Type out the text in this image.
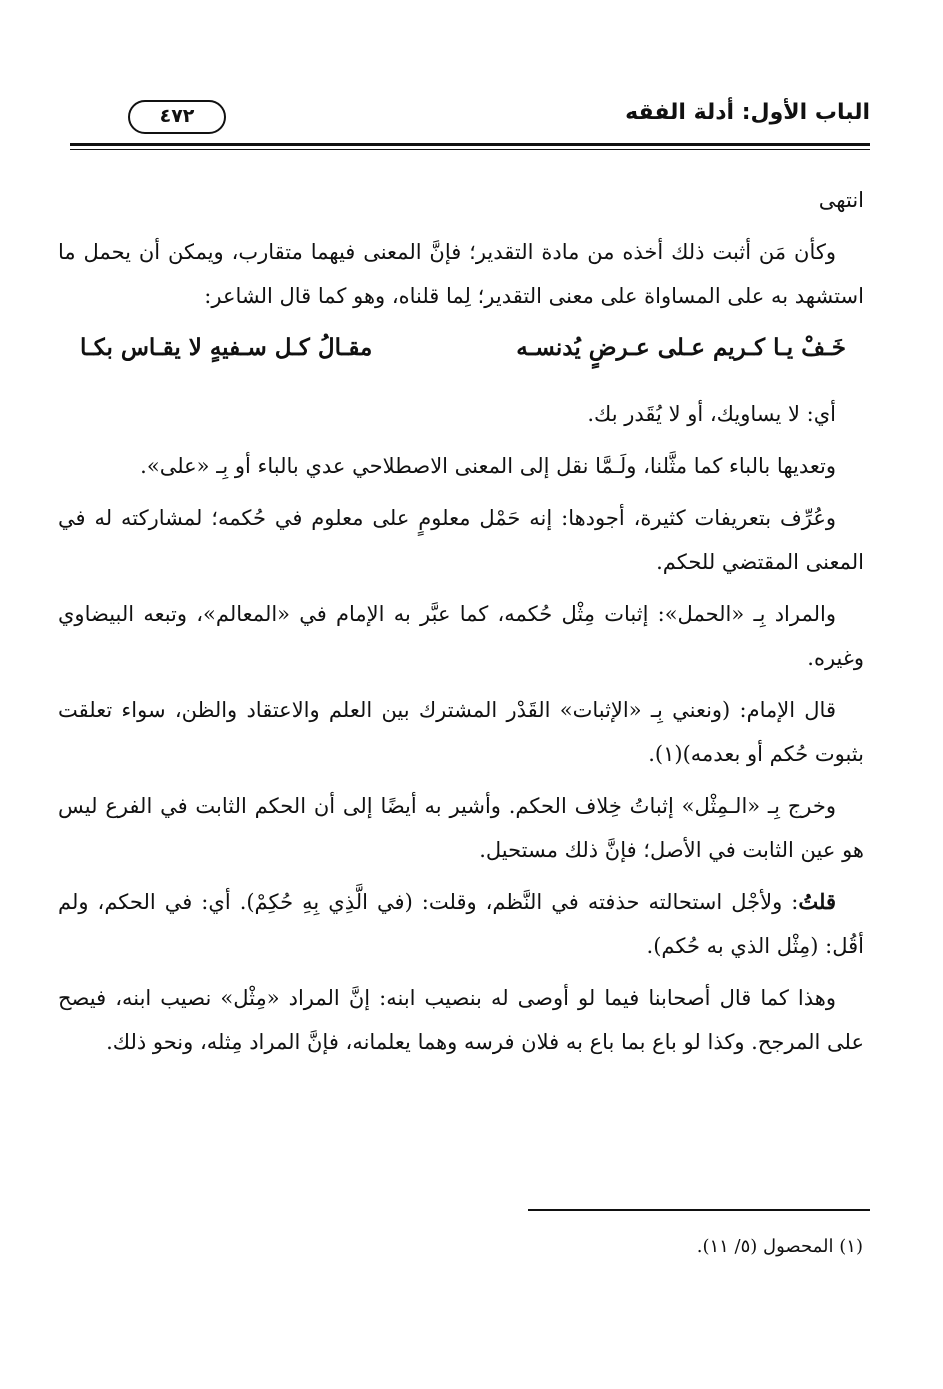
الباب الأول: أدلة الفقه
٤٧٢

انتهى

وكأن مَن أثبت ذلك أخذه من مادة التقدير؛ فإنَّ المعنى فيهما متقارب، ويمكن أن يحمل ما استشهد به على المساواة على معنى التقدير؛ لِما قلناه، وهو كما قال الشاعر:

خَـفْ يـا كـريم عـلى عـرضٍ يُدنسـه
مقـالُ كـل سـفيهٍ لا يقـاس بكـا

أي: لا يساويك، أو لا يُقَدر بك.

وتعديها بالباء كما مثَّلنا، ولَـمَّا نقل إلى المعنى الاصطلاحي عدي بالباء أو بِـ «على».

وعُرِّف بتعريفات كثيرة، أجودها: إنه حَمْل معلومٍ على معلوم في حُكمه؛ لمشاركته له في المعنى المقتضي للحكم.

والمراد بِـ «الحمل»: إثبات مِثْل حُكمه، كما عبَّر به الإمام في «المعالم»، وتبعه البيضاوي وغيره.

قال الإمام: (ونعني بِـ «الإثبات» القَدْر المشترك بين العلم والاعتقاد والظن، سواء تعلقت بثبوت حُكم أو بعدمه)(١).

وخرج بِـ «الـمِثْل» إثباتُ خِلاف الحكم. وأشير به أيضًا إلى أن الحكم الثابت في الفرع ليس هو عين الثابت في الأصل؛ فإنَّ ذلك مستحيل.

قلتُ: ولأجْل استحالته حذفته في النَّظم، وقلت: (في الَّذِي بِهِ حُكِمْ). أي: في الحكم، ولم أقُل: (مِثْل الذي به حُكم).

وهذا كما قال أصحابنا فيما لو أوصى له بنصيب ابنه: إنَّ المراد «مِثْل» نصيب ابنه، فيصح على المرجح. وكذا لو باع بما باع به فلان فرسه وهما يعلمانه، فإنَّ المراد مِثله، ونحو ذلك.

(١) المحصول (٥/ ١١).
